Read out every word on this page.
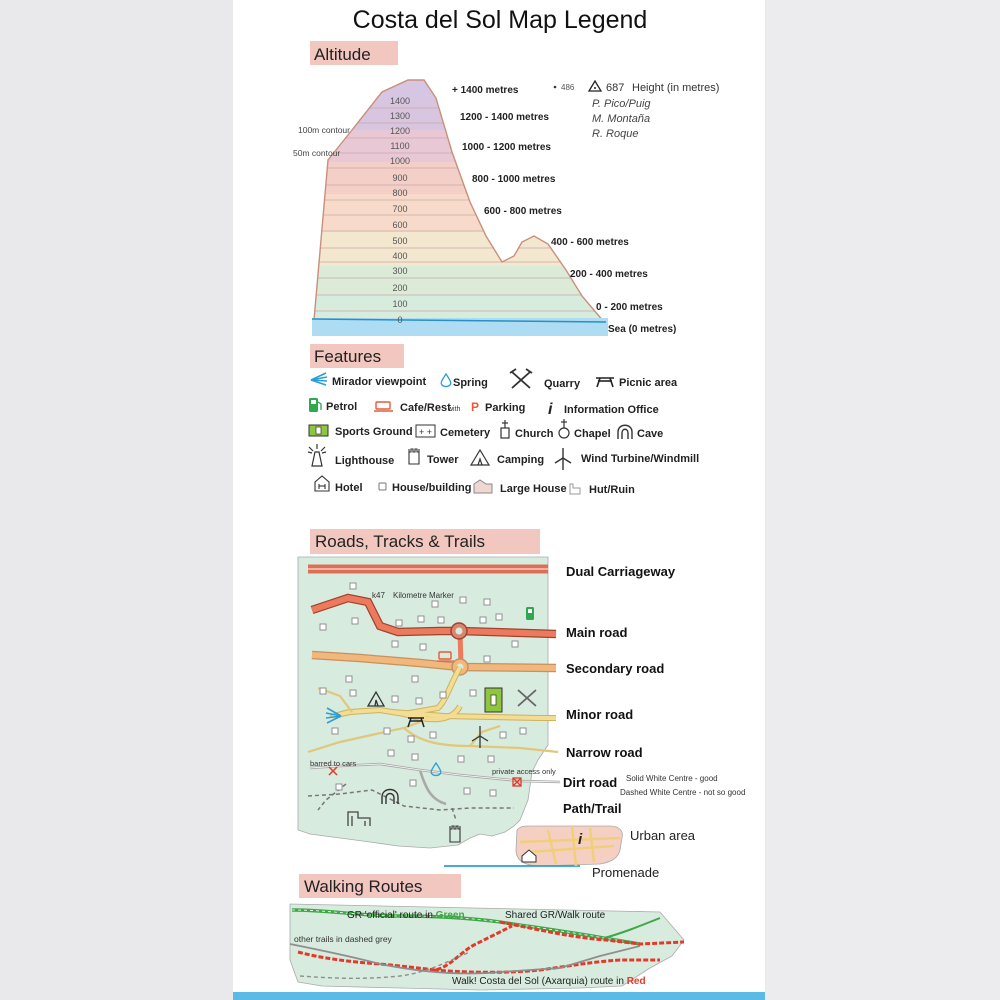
Costa del Sol Map Legend
Altitude
1400
1300
1200
1100
1000
900
800
700
600
500
400
300
200
100
0
100m contour
50m contour
+ 1400 metres
1200 - 1400 metres
1000 - 1200 metres
800 - 1000 metres
600 - 800 metres
400 - 600 metres
200 - 400 metres
0 - 200 metres
Sea (0 metres)
486	687 Height (in metres)
P. Pico/Puig
M. Montaña
R. Roque
Features
Mirador viewpoint Spring	Quarry	Picnic area
Petrol	Cafe/Rest
with P Parking i Information Office
Sports Ground + + Cemetery Church Chapel Cave
Lighthouse	Tower	Camping	Wind Turbine/Windmill
Hotel	House/building	Large House Hut/Ruin
Roads, Tracks & Trails
i
k47 Kilometre Marker
barred to cars
private access only
Dual Carriageway
Main road
Secondary road
Minor road
Narrow road
Dirt road
Path/Trail
Solid White Centre - good
Dashed White Centre - not so good
Urban area
Promenade
Walking Routes
GR 'official' route in Green	Shared GR/Walk route
other trails in dashed grey
Walk! Costa del Sol (Axarquia) route in Red
